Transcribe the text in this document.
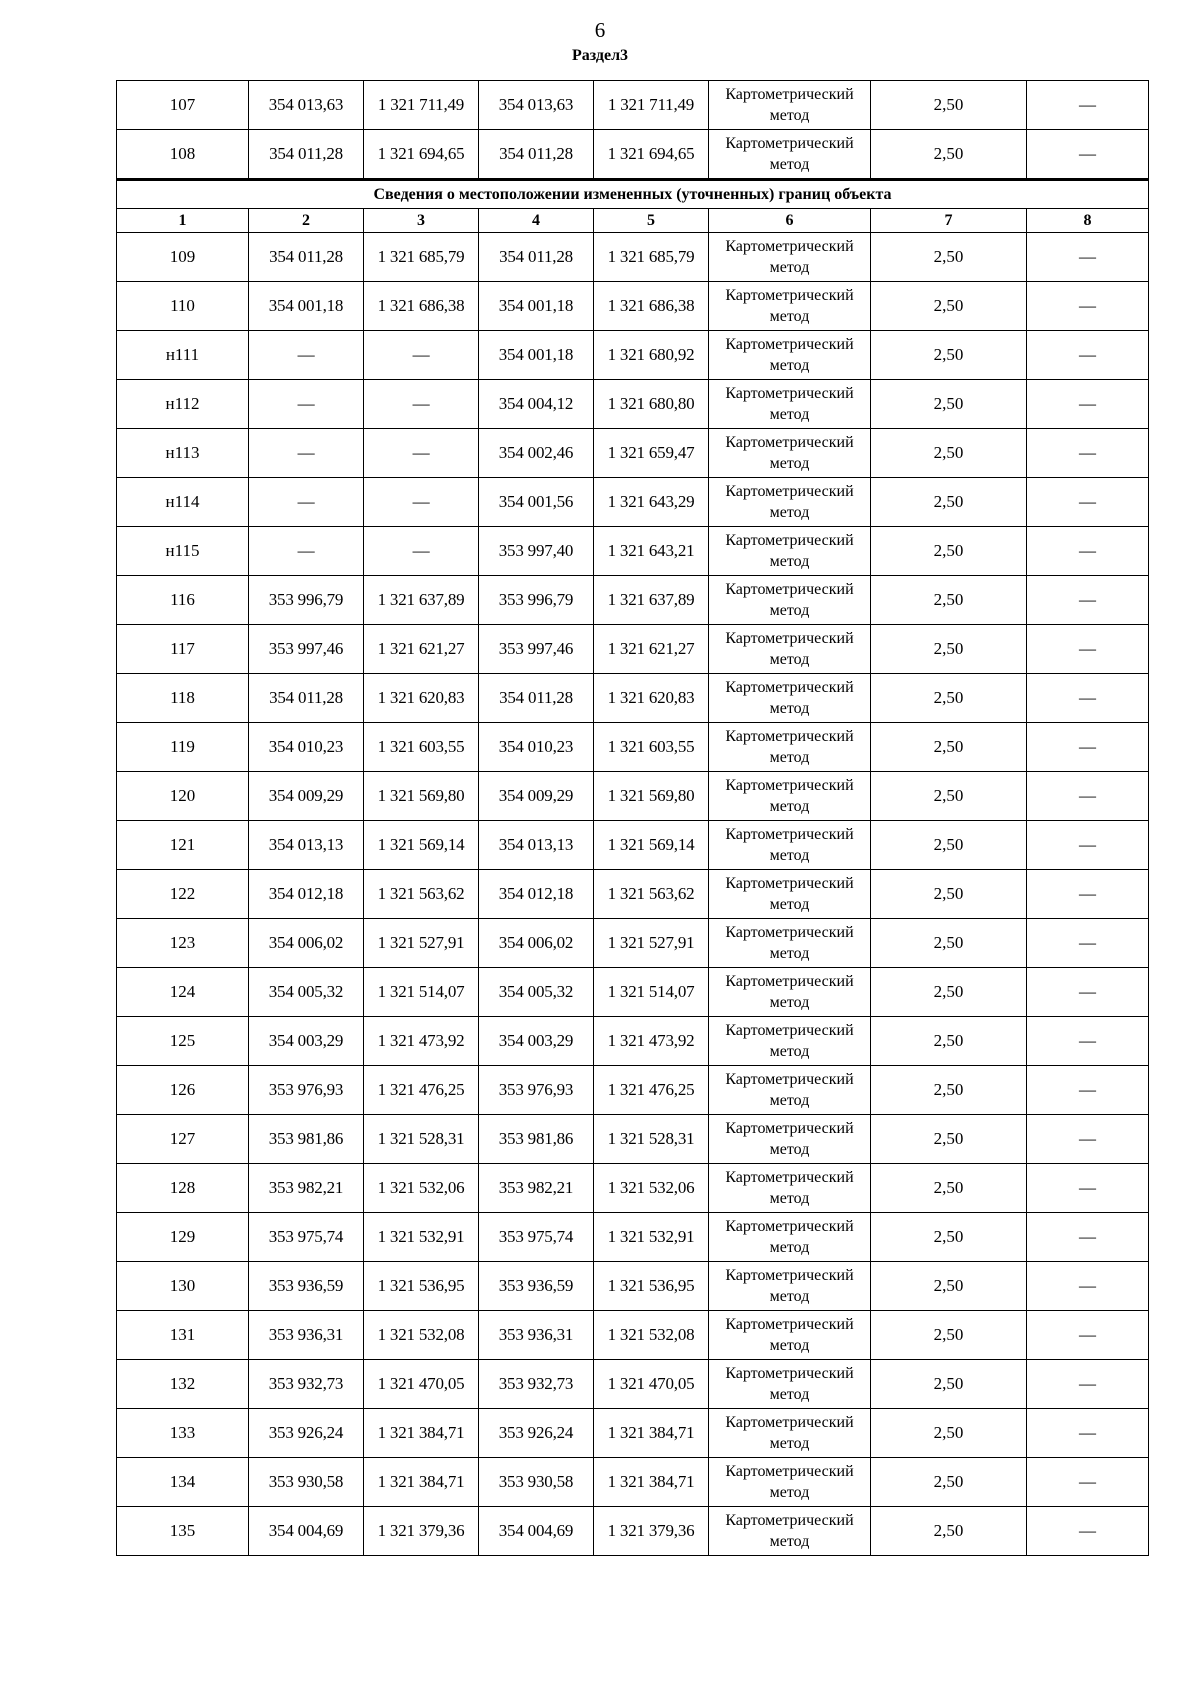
6
Раздел3
107	354 013,63	1 321 711,49	354 013,63	1 321 711,49	Картометрический метод	2,50	—
108	354 011,28	1 321 694,65	354 011,28	1 321 694,65	Картометрический метод	2,50	—
Сведения о местоположении измененных (уточненных) границ объекта							
1	2	3	4	5	6	7	8
109	354 011,28	1 321 685,79	354 011,28	1 321 685,79	Картометрический метод	2,50	—
110	354 001,18	1 321 686,38	354 001,18	1 321 686,38	Картометрический метод	2,50	—
н111	—	—	354 001,18	1 321 680,92	Картометрический метод	2,50	—
н112	—	—	354 004,12	1 321 680,80	Картометрический метод	2,50	—
н113	—	—	354 002,46	1 321 659,47	Картометрический метод	2,50	—
н114	—	—	354 001,56	1 321 643,29	Картометрический метод	2,50	—
н115	—	—	353 997,40	1 321 643,21	Картометрический метод	2,50	—
116	353 996,79	1 321 637,89	353 996,79	1 321 637,89	Картометрический метод	2,50	—
117	353 997,46	1 321 621,27	353 997,46	1 321 621,27	Картометрический метод	2,50	—
118	354 011,28	1 321 620,83	354 011,28	1 321 620,83	Картометрический метод	2,50	—
119	354 010,23	1 321 603,55	354 010,23	1 321 603,55	Картометрический метод	2,50	—
120	354 009,29	1 321 569,80	354 009,29	1 321 569,80	Картометрический метод	2,50	—
121	354 013,13	1 321 569,14	354 013,13	1 321 569,14	Картометрический метод	2,50	—
122	354 012,18	1 321 563,62	354 012,18	1 321 563,62	Картометрический метод	2,50	—
123	354 006,02	1 321 527,91	354 006,02	1 321 527,91	Картометрический метод	2,50	—
124	354 005,32	1 321 514,07	354 005,32	1 321 514,07	Картометрический метод	2,50	—
125	354 003,29	1 321 473,92	354 003,29	1 321 473,92	Картометрический метод	2,50	—
126	353 976,93	1 321 476,25	353 976,93	1 321 476,25	Картометрический метод	2,50	—
127	353 981,86	1 321 528,31	353 981,86	1 321 528,31	Картометрический метод	2,50	—
128	353 982,21	1 321 532,06	353 982,21	1 321 532,06	Картометрический метод	2,50	—
129	353 975,74	1 321 532,91	353 975,74	1 321 532,91	Картометрический метод	2,50	—
130	353 936,59	1 321 536,95	353 936,59	1 321 536,95	Картометрический метод	2,50	—
131	353 936,31	1 321 532,08	353 936,31	1 321 532,08	Картометрический метод	2,50	—
132	353 932,73	1 321 470,05	353 932,73	1 321 470,05	Картометрический метод	2,50	—
133	353 926,24	1 321 384,71	353 926,24	1 321 384,71	Картометрический метод	2,50	—
134	353 930,58	1 321 384,71	353 930,58	1 321 384,71	Картометрический метод	2,50	—
135	354 004,69	1 321 379,36	354 004,69	1 321 379,36	Картометрический метод	2,50	—
